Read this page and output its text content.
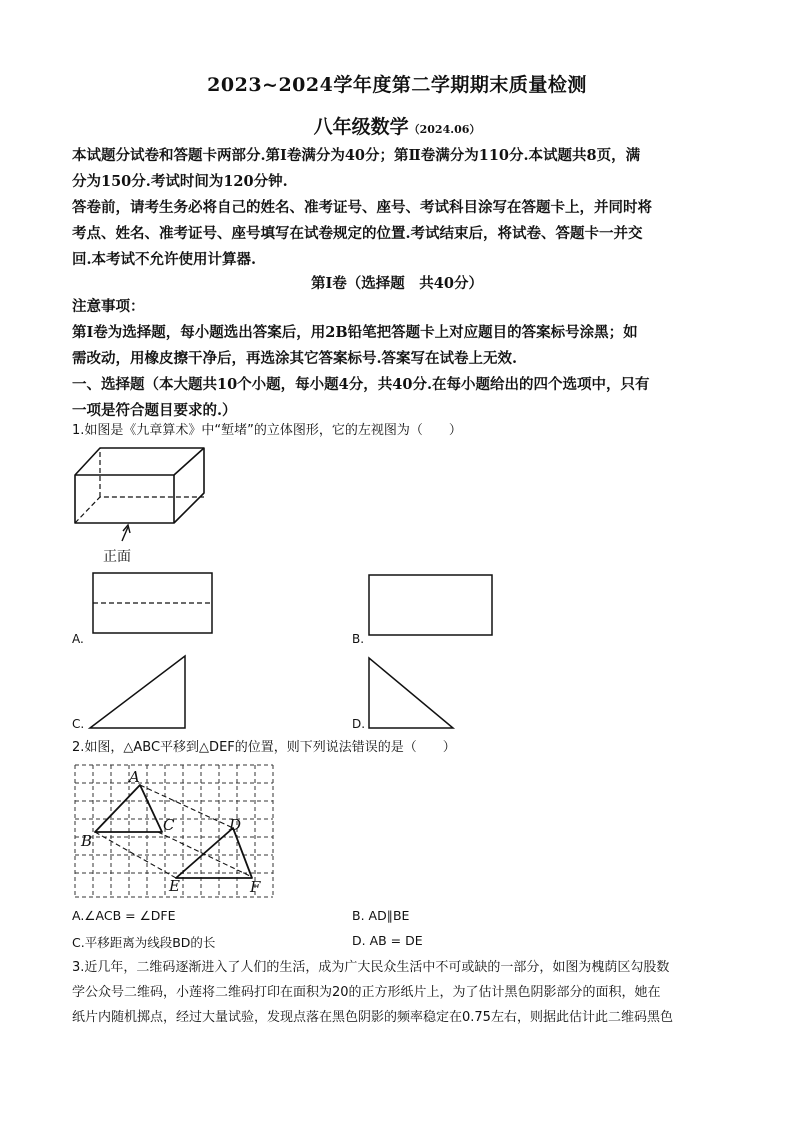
2023~2024学年度第二学期期末质量检测
八年级数学（2024.06）
本试题分试卷和答题卡两部分.第Ⅰ卷满分为40分；第Ⅱ卷满分为110分.本试题共8页，满
分为150分.考试时间为120分钟.
答卷前，请考生务必将自己的姓名、准考证号、座号、考试科目涂写在答题卡上，并同时将
考点、姓名、准考证号、座号填写在试卷规定的位置.考试结束后，将试卷、答题卡一并交
回.本考试不允许使用计算器.
第Ⅰ卷（选择题　共40分）
注意事项：
第Ⅰ卷为选择题，每小题选出答案后，用2B铅笔把答题卡上对应题目的答案标号涂黑；如
需改动，用橡皮擦干净后，再选涂其它答案标号.答案写在试卷上无效.
一、选择题（本大题共10个小题，每小题4分，共40分.在每小题给出的四个选项中，只有
一项是符合题目要求的.）
1.如图是《九章算术》中“堑堵”的立体图形，它的左视图为（　　）
正面
A.	B.
C.	D.
2.如图，△ABC平移到△DEF的位置，则下列说法错误的是（　　）
A
B
C	D
E	F
A.∠ACB = ∠DFE	B. AD∥BE
C.平移距离为线段BD的长	D. AB = DE
3.近几年，二维码逐渐进入了人们的生活，成为广大民众生活中不可或缺的一部分，如图为槐荫区勾股数
学公众号二维码，小莲将二维码打印在面积为20的正方形纸片上，为了估计黑色阴影部分的面积，她在
纸片内随机掷点，经过大量试验，发现点落在黑色阴影的频率稳定在0.75左右，则据此估计此二维码黑色
